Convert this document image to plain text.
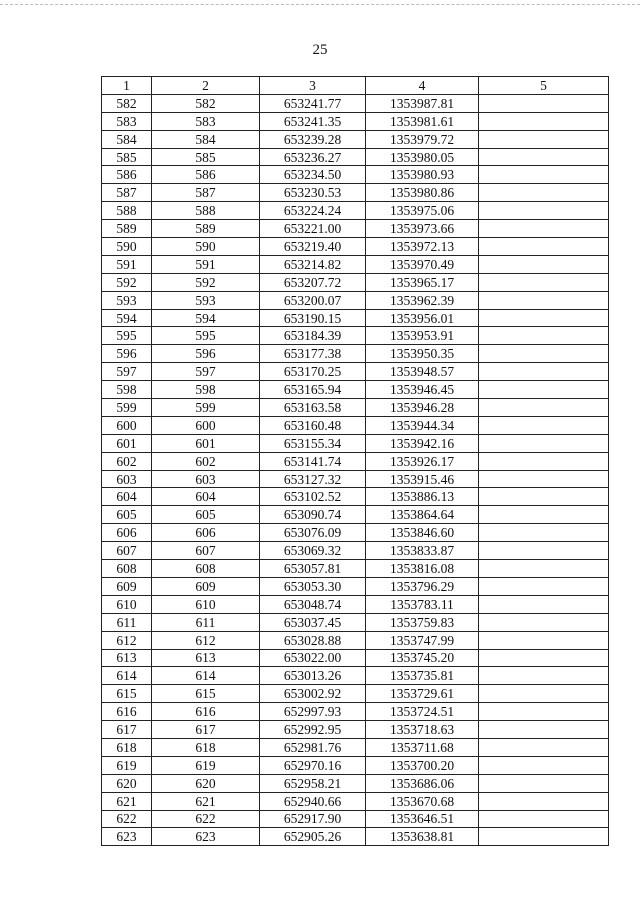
25
1	2	3	4	5
582	582	653241.77	1353987.81	
583	583	653241.35	1353981.61	
584	584	653239.28	1353979.72	
585	585	653236.27	1353980.05	
586	586	653234.50	1353980.93	
587	587	653230.53	1353980.86	
588	588	653224.24	1353975.06	
589	589	653221.00	1353973.66	
590	590	653219.40	1353972.13	
591	591	653214.82	1353970.49	
592	592	653207.72	1353965.17	
593	593	653200.07	1353962.39	
594	594	653190.15	1353956.01	
595	595	653184.39	1353953.91	
596	596	653177.38	1353950.35	
597	597	653170.25	1353948.57	
598	598	653165.94	1353946.45	
599	599	653163.58	1353946.28	
600	600	653160.48	1353944.34	
601	601	653155.34	1353942.16	
602	602	653141.74	1353926.17	
603	603	653127.32	1353915.46	
604	604	653102.52	1353886.13	
605	605	653090.74	1353864.64	
606	606	653076.09	1353846.60	
607	607	653069.32	1353833.87	
608	608	653057.81	1353816.08	
609	609	653053.30	1353796.29	
610	610	653048.74	1353783.11	
611	611	653037.45	1353759.83	
612	612	653028.88	1353747.99	
613	613	653022.00	1353745.20	
614	614	653013.26	1353735.81	
615	615	653002.92	1353729.61	
616	616	652997.93	1353724.51	
617	617	652992.95	1353718.63	
618	618	652981.76	1353711.68	
619	619	652970.16	1353700.20	
620	620	652958.21	1353686.06	
621	621	652940.66	1353670.68	
622	622	652917.90	1353646.51	
623	623	652905.26	1353638.81	
